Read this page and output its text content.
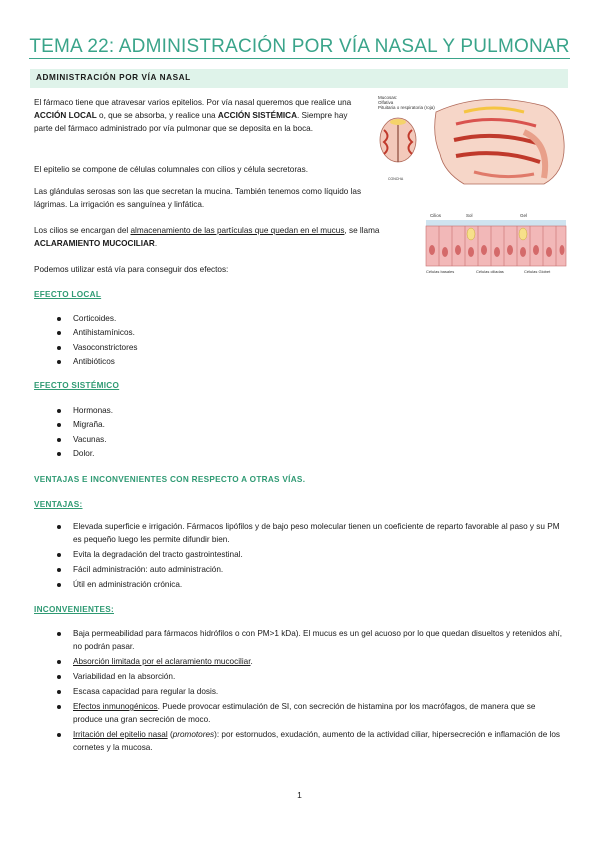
TEMA 22: ADMINISTRACIÓN POR VÍA NASAL Y PULMONAR
ADMINISTRACIÓN POR VÍA NASAL
El fármaco tiene que atravesar varios epitelios. Por vía nasal queremos que realice una ACCIÓN LOCAL o, que se absorba, y realice una ACCIÓN SISTÉMICA. Siempre hay parte del fármaco administrado por vía pulmonar que se deposita en la boca.
El epitelio se compone de células columnales con cilios y célula secretoras.
Las glándulas serosas son las que secretan la mucina. También tenemos como líquido las lágrimas. La irrigación es sanguínea y linfática.
Los cilios se encargan del almacenamiento de las partículas que quedan en el mucus, se llama ACLARAMIENTO MUCOCILIAR.
Podemos utilizar está vía para conseguir dos efectos:
EFECTO LOCAL
Corticoides.
Antihistamínicos.
Vasoconstrictores
Antibióticos
EFECTO SISTÉMICO
Hormonas.
Migraña.
Vacunas.
Dolor.
VENTAJAS E INCONVENIENTES CON RESPECTO A OTRAS VÍAS.
VENTAJAS:
Elevada superficie e irrigación. Fármacos lipófilos y de bajo peso molecular tienen un coeficiente de reparto favorable al paso y su PM es pequeño luego les permite difundir bien.
Evita la degradación del tracto gastrointestinal.
Fácil administración: auto administración.
Útil en administración crónica.
INCONVENIENTES:
Baja permeabilidad para fármacos hidrófilos o con PM>1 kDa). El mucus es un gel acuoso por lo que quedan disueltos y retenidos ahí, no podrán pasar.
Absorción limitada por el aclaramiento mucociliar.
Variabilidad en la absorción.
Escasa capacidad para regular la dosis.
Efectos inmunogénicos. Puede provocar estimulación de SI, con secreción de histamina por los macrófagos, de manera que se produce una gran secreción de moco.
Irritación del epitelio nasal (promotores): por estornudos, exudación, aumento de la actividad ciliar, hipersecreción e inflamación de los cornetes y la mucosa.
Mucosas:
Olfativa
Pituitaria o respiratoria (roja)
CONCHA
Cilios	Sol	Gel
Células basales	Células ciliadas	Células Globet
1
